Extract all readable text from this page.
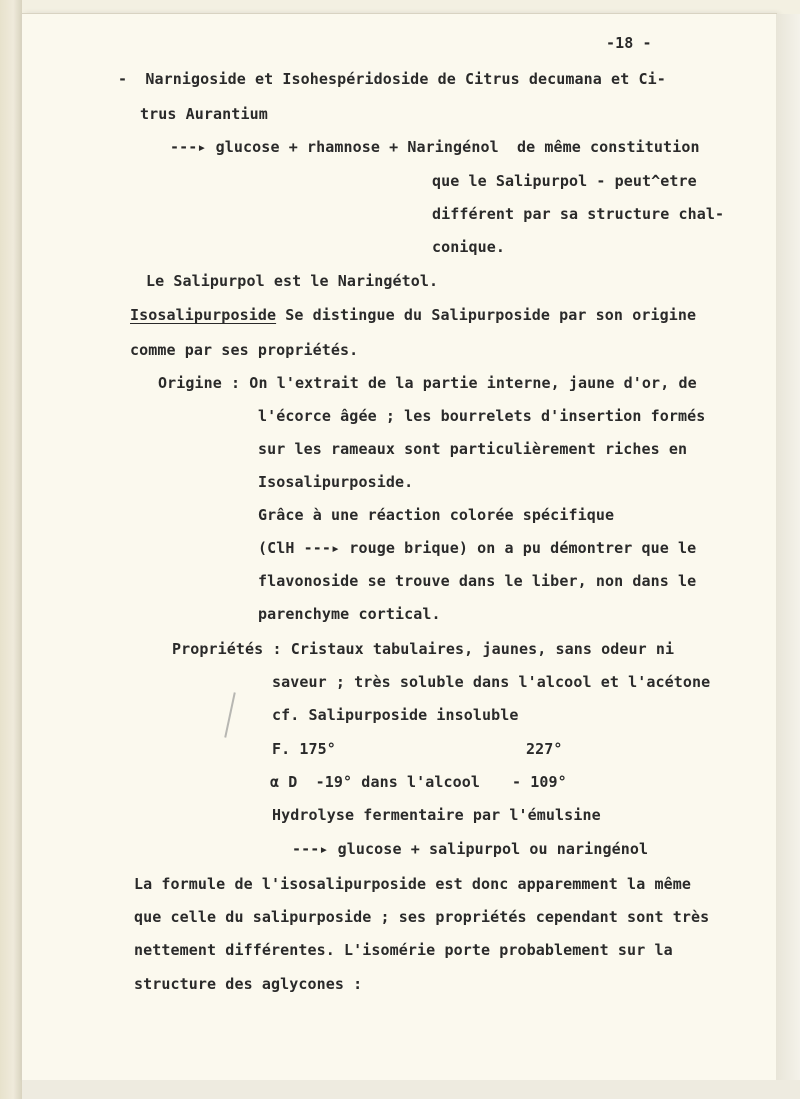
-18 -

-  Narnigoside et Isohespéridoside de Citrus decumana et Ci-

trus Aurantium

---▸ glucose + rhamnose + Naringénol  de même constitution

que le Salipurpol - peut^etre

différent par sa structure chal-

conique.

Le Salipurpol est le Naringétol.

Isosalipurposide Se distingue du Salipurposide par son origine

comme par ses propriétés.

Origine : On l'extrait de la partie interne, jaune d'or, de

l'écorce âgée ; les bourrelets d'insertion formés

sur les rameaux sont particulièrement riches en

Isosalipurposide.

Grâce à une réaction colorée spécifique

(ClH ---▸ rouge brique) on a pu démontrer que le

flavonoside se trouve dans le liber, non dans le

parenchyme cortical.

Propriétés : Cristaux tabulaires, jaunes, sans odeur ni

saveur ; très soluble dans l'alcool et l'acétone

cf. Salipurposide insoluble

F. 175°	227°

α D  -19° dans l'alcool - 109°

Hydrolyse fermentaire par l'émulsine

---▸ glucose + salipurpol ou naringénol

La formule de l'isosalipurposide est donc apparemment la même

que celle du salipurposide ; ses propriétés cependant sont très

nettement différentes. L'isomérie porte probablement sur la

structure des aglycones :
